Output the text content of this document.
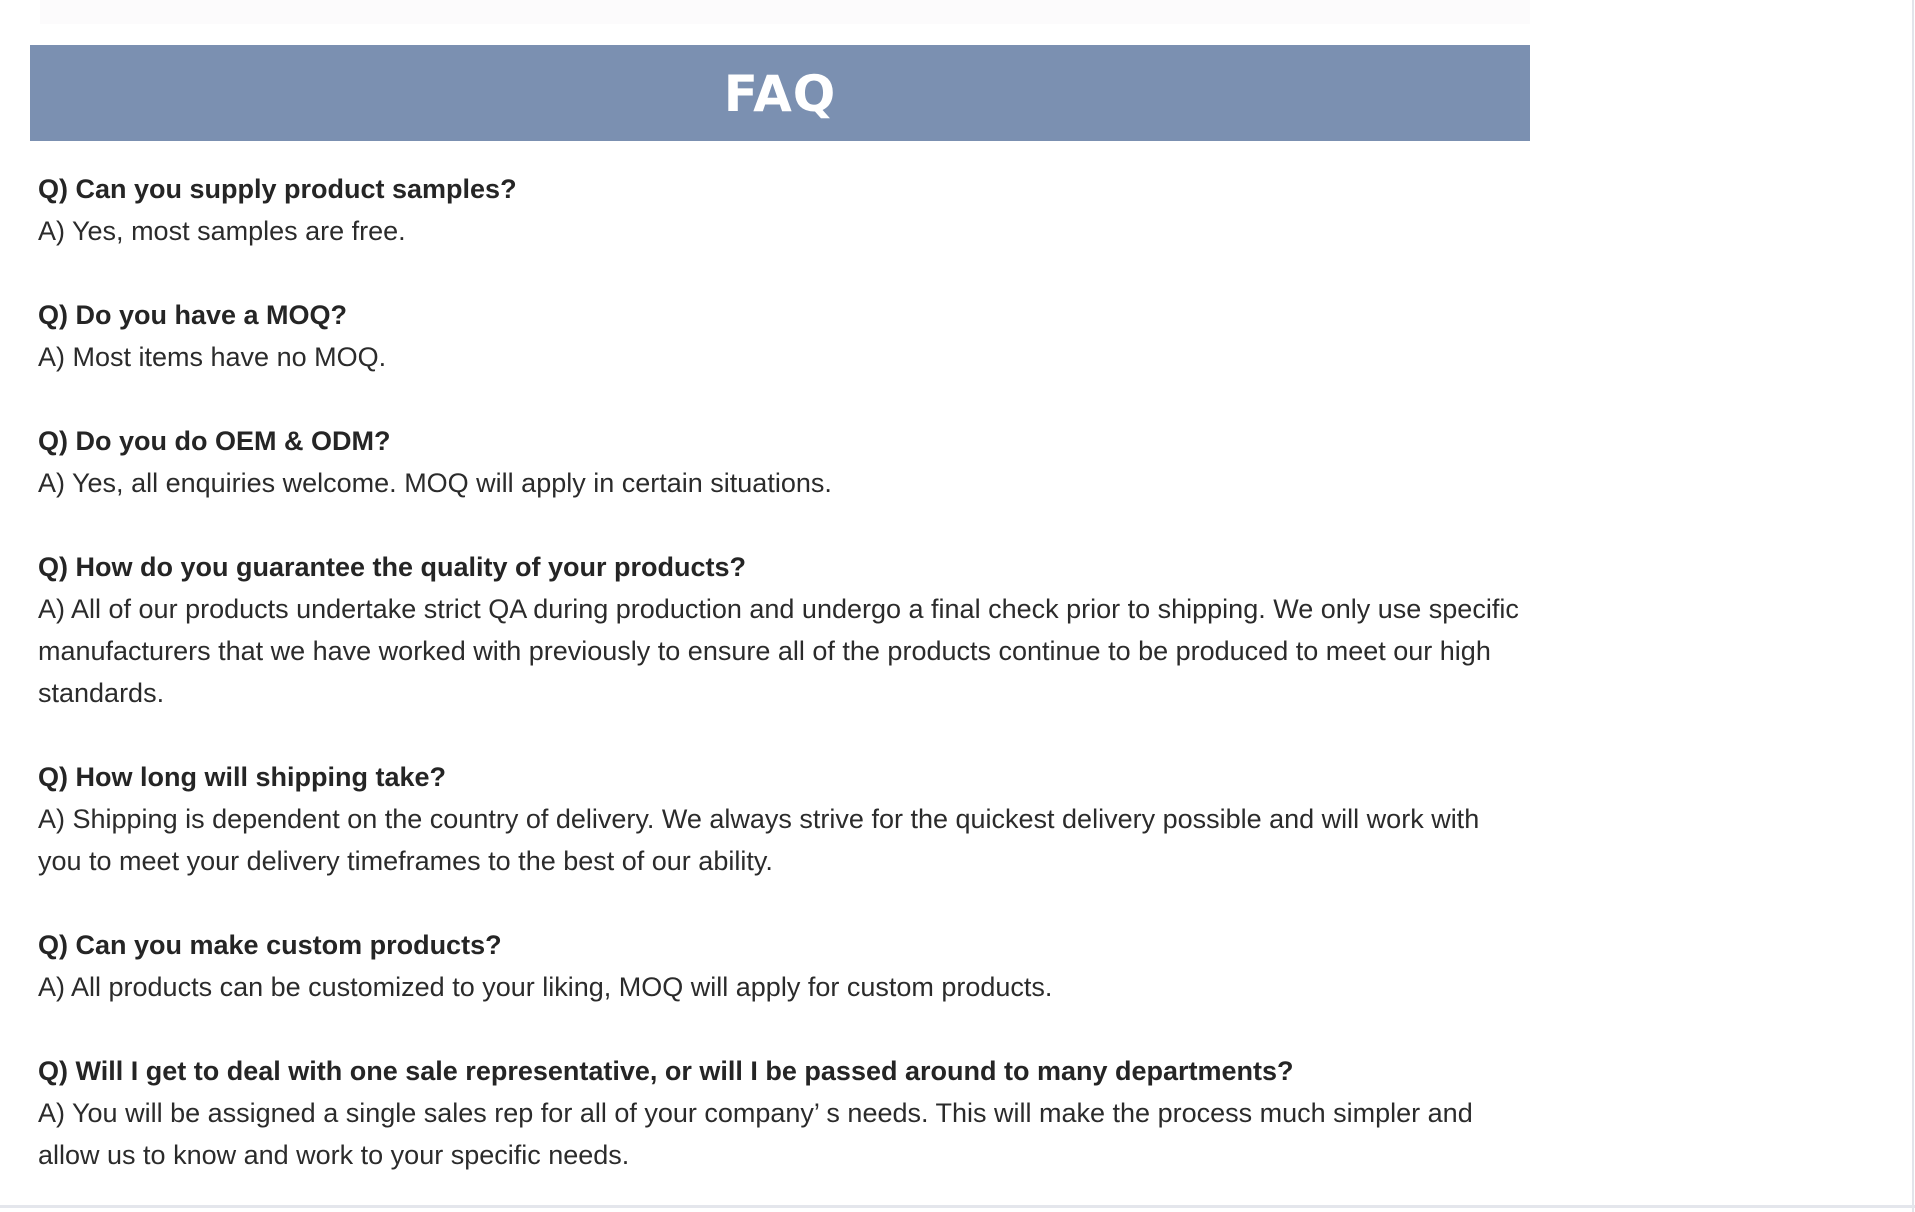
FAQ

Q) Can you supply product samples?

A) Yes, most samples are free.

Q) Do you have a MOQ?

A) Most items have no MOQ.

Q) Do you do OEM & ODM?

A) Yes, all enquiries welcome. MOQ will apply in certain situations.

Q) How do you guarantee the quality of your products?

A) All of our products undertake strict QA during production and undergo a final check prior to shipping. We only use specific manufacturers that we have worked with previously to ensure all of the products continue to be produced to meet our high standards.

Q) How long will shipping take?

A) Shipping is dependent on the country of delivery. We always strive for the quickest delivery possible and will work with you to meet your delivery timeframes to the best of our ability.

Q) Can you make custom products?

A) All products can be customized to your liking, MOQ will apply for custom products.

Q) Will I get to deal with one sale representative, or will I be passed around to many departments?

A) You will be assigned a single sales rep for all of your company’ s needs. This will make the process much simpler and allow us to know and work to your specific needs.
